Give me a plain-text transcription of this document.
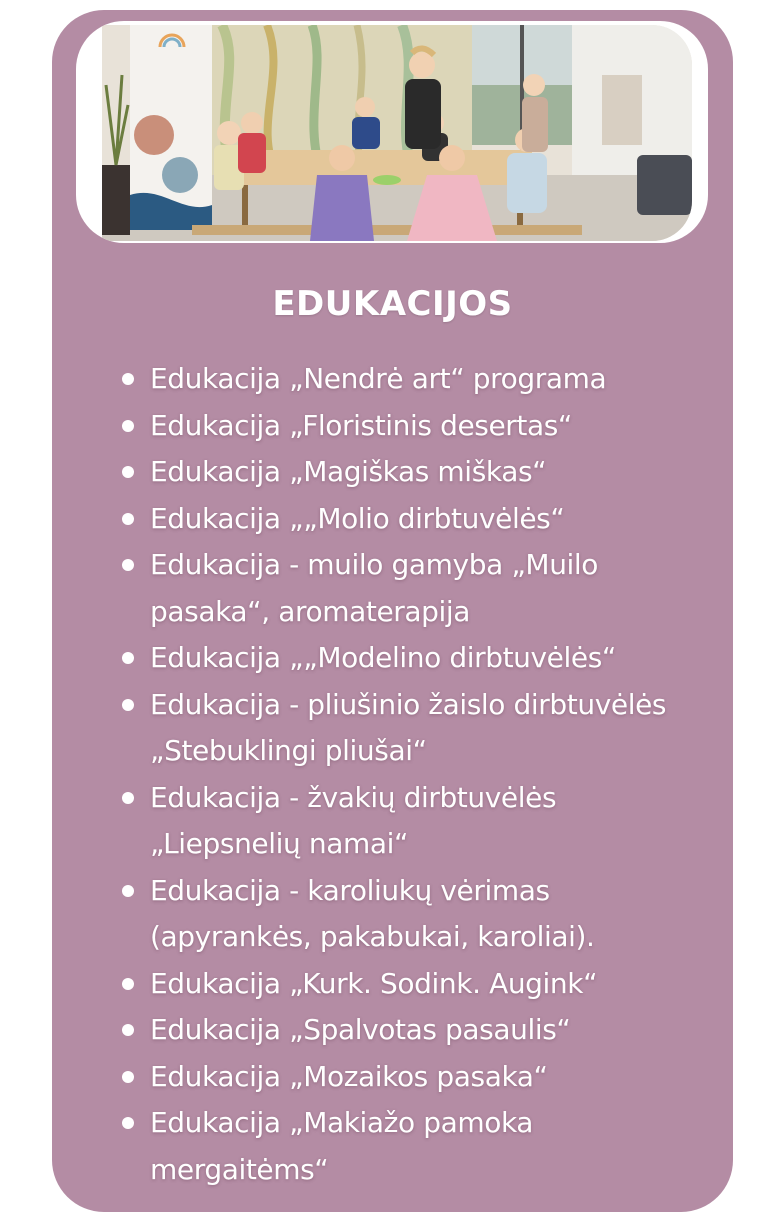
EDUKACIJOS
Edukacija „Nendrė art“ programa
Edukacija „Floristinis desertas“
Edukacija „Magiškas miškas“
Edukacija „„Molio dirbtuvėlės“
Edukacija - muilo gamyba „Muilo pasaka“, aromaterapija
Edukacija „„Modelino dirbtuvėlės“
Edukacija - pliušinio žaislo dirbtuvėlės „Stebuklingi pliušai“
Edukacija - žvakių dirbtuvėlės „Liepsnelių namai“
Edukacija - karoliukų vėrimas (apyrankės, pakabukai, karoliai).
Edukacija „Kurk. Sodink. Augink“
Edukacija „Spalvotas pasaulis“
Edukacija „Mozaikos pasaka“
Edukacija „Makiažo pamoka mergaitėms“
